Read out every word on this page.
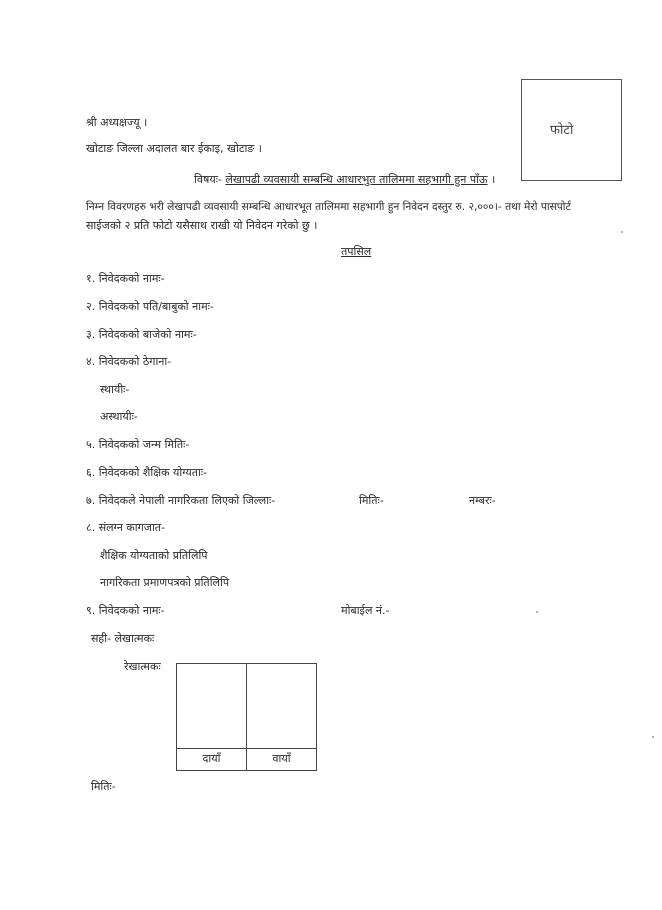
फोटो
श्री अध्यक्षज्यू ।
खोटाङ जिल्ला अदालत बार ईकाइ, खोटाङ ।
विषयः- लेखापढी व्यवसायी सम्बन्धि आधारभुत तालिममा सहभागी हुन पाँऊ ।
निम्न विवरणहरु भरी लेखापढी व्यवसायी सम्बन्धि आधारभूत तालिममा सहभागी हुन निवेदन दस्तुर रु. २,०००।- तथा मेरो पासपोर्ट
साईजको २ प्रति फोटो यसैसाथ राखी यो निवेदन गरेको छु ।
तपसिल
१. निवेदकको नामः-
२. निवेदकको पति/बाबुको नामः-
३. निवेदकको बाजेको नामः-
४. निवेदकको ठेगाना-
स्थायीः-
अस्थायीः-
५. निवेदकको जन्म मितिः-
६. निवेदकको शैक्षिक योग्यताः-
७. निवेदकले नेपाली नागरिकता लिएको जिल्लाः-	मितिः-	नम्बरः-
८. संलग्न कागजात-
शैक्षिक योग्यताको प्रतिलिपि
नागरिकता प्रमाणपत्रको प्रतिलिपि
९. निवेदकको नामः-	मोबाईल नं.-
सही- लेखात्मकः
रेखात्मकः
दायाँ	वायाँ
मितिः-
